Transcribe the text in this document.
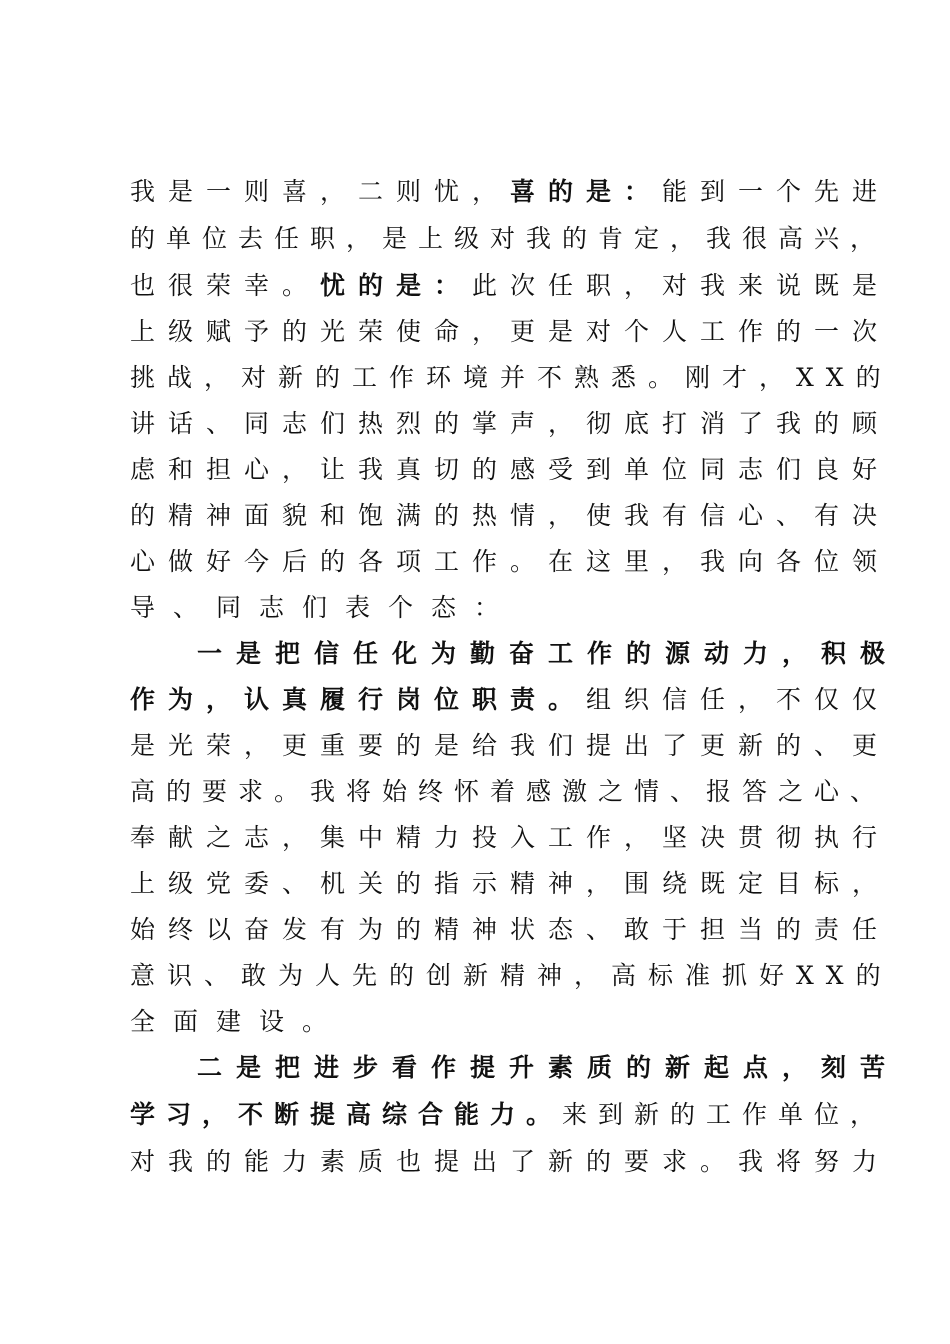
我是一则喜，二则忧，喜的是：能到一个先进
的单位去任职，是上级对我的肯定，我很高兴，
也很荣幸。忧的是：此次任职，对我来说既是
上级赋予的光荣使命，更是对个人工作的一次
挑战，对新的工作环境并不熟悉。刚才，XX的
讲话、同志们热烈的掌声，彻底打消了我的顾
虑和担心，让我真切的感受到单位同志们良好
的精神面貌和饱满的热情，使我有信心、有决
心做好今后的各项工作。在这里，我向各位领
导、同志们表个态：
一是把信任化为勤奋工作的源动力，积极
作为，认真履行岗位职责。组织信任，不仅仅
是光荣，更重要的是给我们提出了更新的、更
高的要求。我将始终怀着感激之情、报答之心、
奉献之志，集中精力投入工作，坚决贯彻执行
上级党委、机关的指示精神，围绕既定目标，
始终以奋发有为的精神状态、敢于担当的责任
意识、敢为人先的创新精神，高标准抓好XX的
全面建设。
二是把进步看作提升素质的新起点，刻苦
学习，不断提高综合能力。来到新的工作单位，
对我的能力素质也提出了新的要求。我将努力
